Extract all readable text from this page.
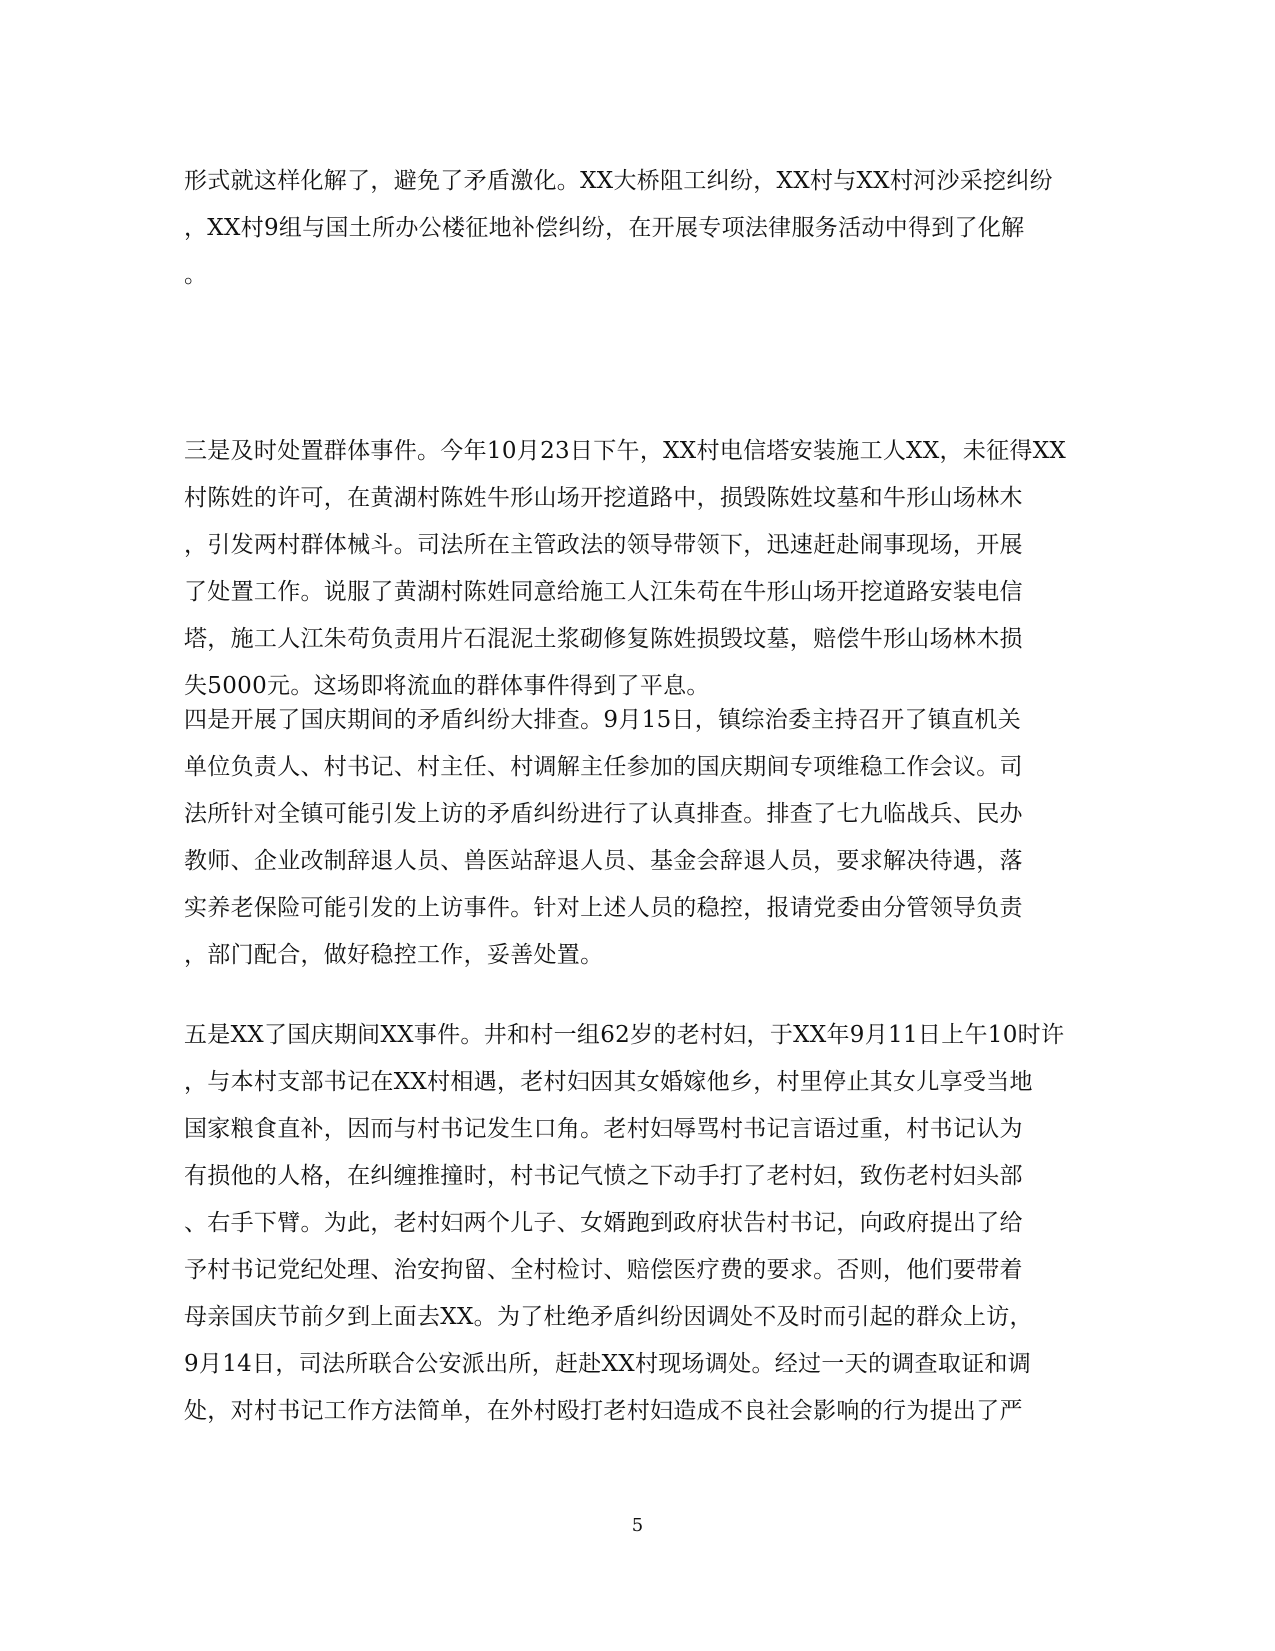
形式就这样化解了，避免了矛盾激化。XX大桥阻工纠纷，XX村与XX村河沙采挖纠纷
，XX村9组与国土所办公楼征地补偿纠纷，在开展专项法律服务活动中得到了化解
。
三是及时处置群体事件。今年10月23日下午，XX村电信塔安装施工人XX，未征得XX
村陈姓的许可，在黄湖村陈姓牛形山场开挖道路中，损毁陈姓坟墓和牛形山场林木
，引发两村群体械斗。司法所在主管政法的领导带领下，迅速赶赴闹事现场，开展
了处置工作。说服了黄湖村陈姓同意给施工人江朱苟在牛形山场开挖道路安装电信
塔，施工人江朱苟负责用片石混泥土浆砌修复陈姓损毁坟墓，赔偿牛形山场林木损
失5000元。这场即将流血的群体事件得到了平息。
四是开展了国庆期间的矛盾纠纷大排查。9月15日，镇综治委主持召开了镇直机关
单位负责人、村书记、村主任、村调解主任参加的国庆期间专项维稳工作会议。司
法所针对全镇可能引发上访的矛盾纠纷进行了认真排查。排查了七九临战兵、民办
教师、企业改制辞退人员、兽医站辞退人员、基金会辞退人员，要求解决待遇，落
实养老保险可能引发的上访事件。针对上述人员的稳控，报请党委由分管领导负责
，部门配合，做好稳控工作，妥善处置。
五是XX了国庆期间XX事件。井和村一组62岁的老村妇，于XX年9月11日上午10时许
，与本村支部书记在XX村相遇，老村妇因其女婚嫁他乡，村里停止其女儿享受当地
国家粮食直补，因而与村书记发生口角。老村妇辱骂村书记言语过重，村书记认为
有损他的人格，在纠缠推撞时，村书记气愤之下动手打了老村妇，致伤老村妇头部
、右手下臂。为此，老村妇两个儿子、女婿跑到政府状告村书记，向政府提出了给
予村书记党纪处理、治安拘留、全村检讨、赔偿医疗费的要求。否则，他们要带着
母亲国庆节前夕到上面去XX。为了杜绝矛盾纠纷因调处不及时而引起的群众上访，
9月14日，司法所联合公安派出所，赶赴XX村现场调处。经过一天的调查取证和调
处，对村书记工作方法简单，在外村殴打老村妇造成不良社会影响的行为提出了严
5
